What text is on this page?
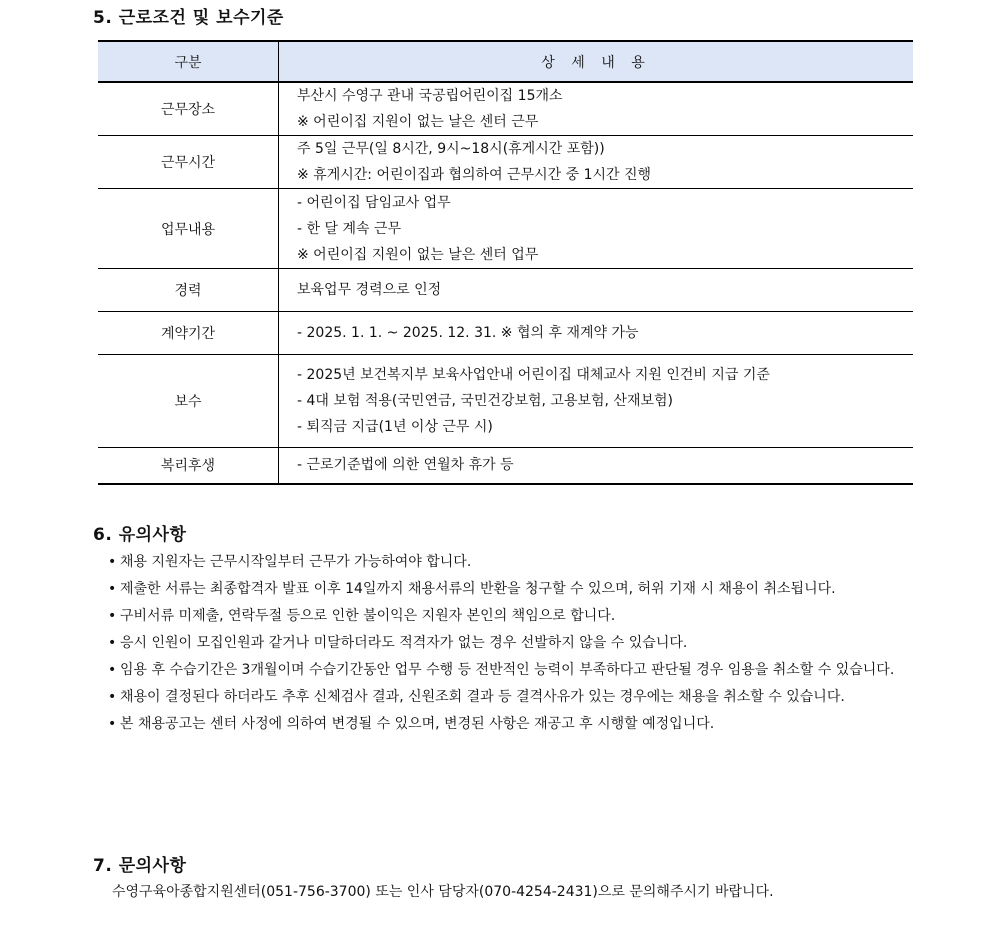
5. 근로조건 및 보수기준
구분	상 세 내 용
근무장소	부산시 수영구 관내 국공립어린이집 15개소
※ 어린이집 지원이 없는 날은 센터 근무

근무시간	주 5일 근무(일 8시간, 9시~18시(휴게시간 포함))
※ 휴게시간: 어린이집과 협의하여 근무시간 중 1시간 진행

업무내용	- 어린이집 담임교사 업무
- 한 달 계속 근무
※ 어린이집 지원이 없는 날은 센터 업무

경력	보육업무 경력으로 인정

계약기간	- 2025. 1. 1. ~ 2025. 12. 31. ※ 협의 후 재계약 가능

보수	- 2025년 보건복지부 보육사업안내 어린이집 대체교사 지원 인건비 지급 기준
- 4대 보험 적용(국민연금, 국민건강보험, 고용보험, 산재보험)
- 퇴직금 지급(1년 이상 근무 시)

복리후생	- 근로기준법에 의한 연월차 휴가 등
6. 유의사항
• 채용 지원자는 근무시작일부터 근무가 가능하여야 합니다.
• 제출한 서류는 최종합격자 발표 이후 14일까지 채용서류의 반환을 청구할 수 있으며, 허위 기재 시 채용이 취소됩니다.
• 구비서류 미제출, 연락두절 등으로 인한 불이익은 지원자 본인의 책임으로 합니다.
• 응시 인원이 모집인원과 같거나 미달하더라도 적격자가 없는 경우 선발하지 않을 수 있습니다.
• 임용 후 수습기간은 3개월이며 수습기간동안 업무 수행 등 전반적인 능력이 부족하다고 판단될 경우 임용을 취소할 수 있습니다.
• 채용이 결정된다 하더라도 추후 신체검사 결과, 신원조회 결과 등 결격사유가 있는 경우에는 채용을 취소할 수 있습니다.
• 본 채용공고는 센터 사정에 의하여 변경될 수 있으며, 변경된 사항은 재공고 후 시행할 예정입니다.
7. 문의사항

수영구육아종합지원센터(051-756-3700) 또는 인사 담당자(070-4254-2431)으로 문의해주시기 바랍니다.
